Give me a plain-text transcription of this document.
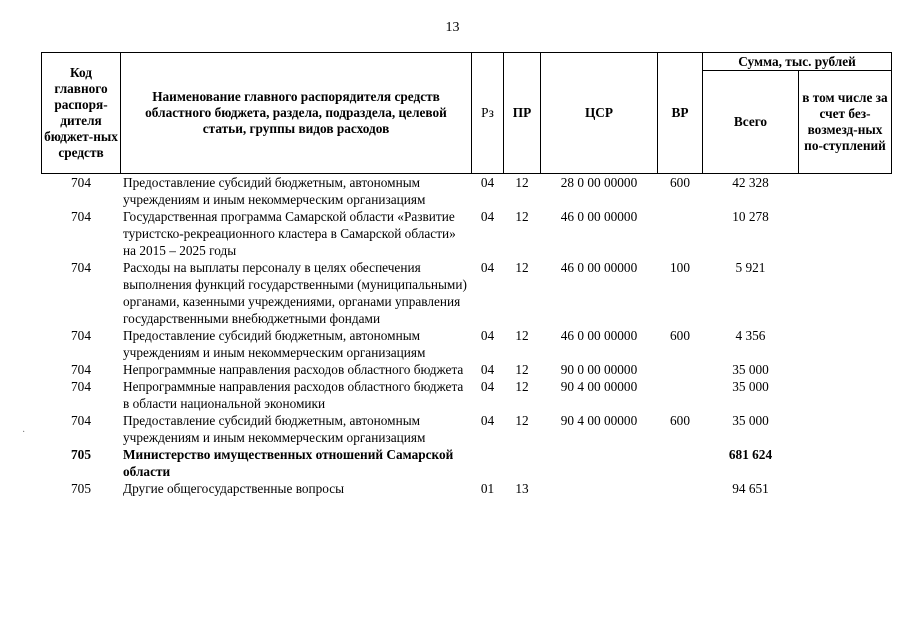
13
·
Код главного распоря-дителя бюджет-ных средств	Наименование главного распорядителя средств областного бюджета, раздела, подраздела, целевой статьи, группы видов расходов	Рз	ПР	ЦСР	ВР	Сумма, тыс. рублей	
						Всего	в том числе за счет без-возмезд-ных по-ступлений
704	Предоставление субсидий бюджетным, автономным учреждениям и иным некоммерческим организациям	04	12	28 0 00 00000	600	42 328	
704	Государственная программа Самарской области «Развитие туристско-рекреационного кластера в Самарской области» на 2015 – 2025 годы	04	12	46 0 00 00000		10 278	
704	Расходы на выплаты персоналу в целях обеспечения выполнения функций государственными (муниципальными) органами, казенными учреждениями, органами управления государственными внебюджетными фондами	04	12	46 0 00 00000	100	5 921	
704	Предоставление субсидий бюджетным, автономным учреждениям и иным некоммерческим организациям	04	12	46 0 00 00000	600	4 356	
704	Непрограммные направления расходов областного бюджета	04	12	90 0 00 00000		35 000	
704	Непрограммные направления расходов областного бюджета в области национальной экономики	04	12	90 4 00 00000		35 000	
704	Предоставление субсидий бюджетным, автономным учреждениям и иным некоммерческим организациям	04	12	90 4 00 00000	600	35 000	
705	Министерство имущественных отношений Самарской области					681 624	
705	Другие общегосударственные вопросы	01	13			94 651	
